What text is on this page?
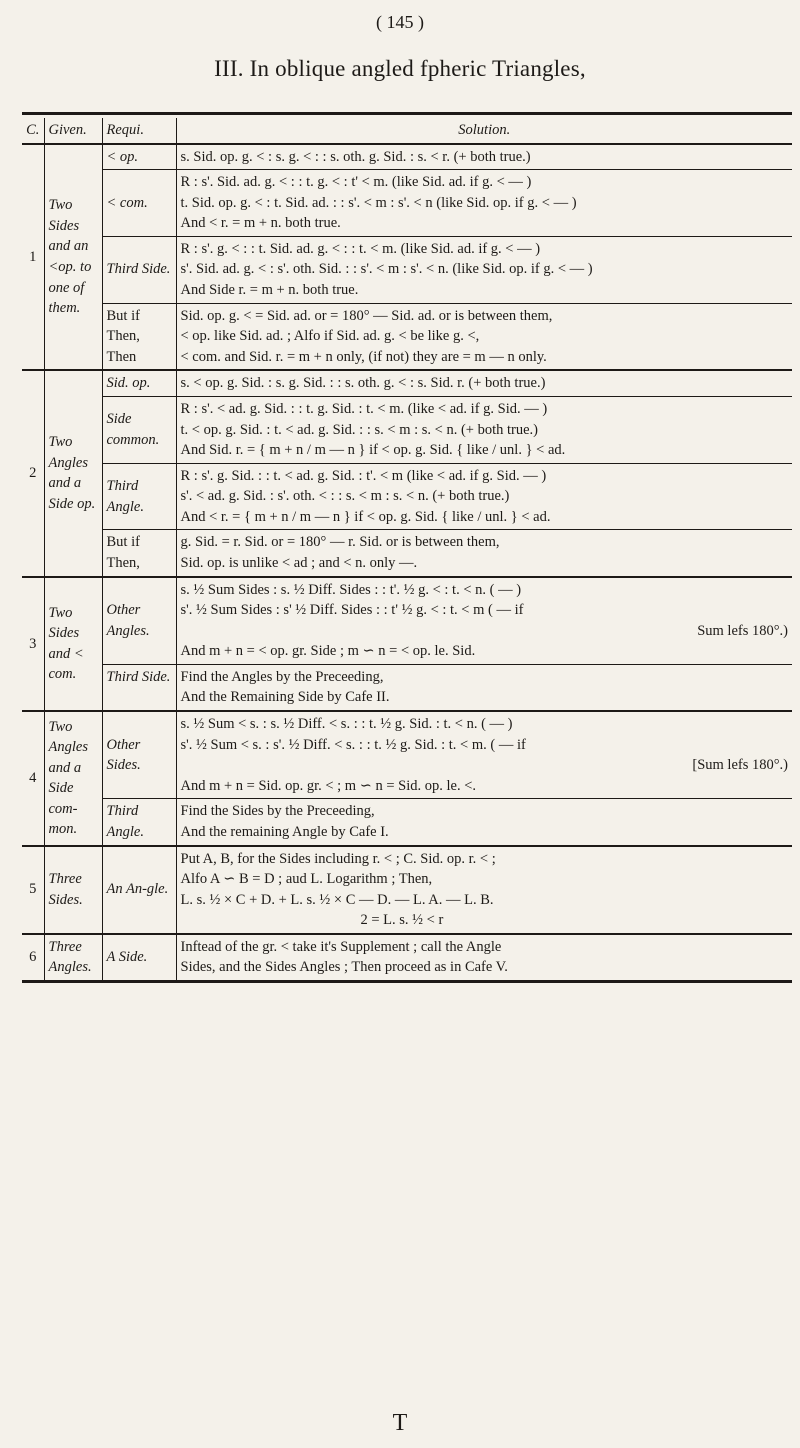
( 145 )
III. In oblique angled fpheric Triangles,
C.	Given.	Requi.	Solution.
1	Two Sides and an <op. to one of them.	< op.	s. Sid. op. g. < : s. g. < : : s. oth. g. Sid. : s. < r. (+ both true.)

		< com.	R : s'. Sid. ad. g. < : : t. g. < : t' < m. (like Sid. ad. if g. < — )
t. Sid. op. g. < : t. Sid. ad. : : s'. < m : s'. < n (like Sid. op. if g. < — )
And < r. = m + n. both true.

		Third Side.	R : s'. g. < : : t. Sid. ad. g. < : : t. < m. (like Sid. ad. if g. < — )
s'. Sid. ad. g. < : s'. oth. Sid. : : s'. < m : s'. < n. (like Sid. op. if g. < — )
And Side r. = m + n. both true.

		But if Then, Then	Sid. op. g. < = Sid. ad. or = 180° — Sid. ad. or is between them,
< op. like Sid. ad. ; Alfo if Sid. ad. g. < be like g. <,
< com. and Sid. r. = m + n only, (if not) they are = m — n only.

2	Two Angles and a Side op.	Sid. op.	s. < op. g. Sid. : s. g. Sid. : : s. oth. g. < : s. Sid. r. (+ both true.)

		Side common.	R : s'. < ad. g. Sid. : : t. g. Sid. : t. < m. (like < ad. if g. Sid. — )
t. < op. g. Sid. : t. < ad. g. Sid. : : s. < m : s. < n. (+ both true.)
And Sid. r. = { m + n / m — n } if < op. g. Sid. { like / unl. } < ad.

		Third Angle.	R : s'. g. Sid. : : t. < ad. g. Sid. : t'. < m (like < ad. if g. Sid. — )
s'. < ad. g. Sid. : s'. oth. < : : s. < m : s. < n. (+ both true.)
And < r. = { m + n / m — n } if < op. g. Sid. { like / unl. } < ad.

		But if Then,	g. Sid. = r. Sid. or = 180° — r. Sid. or is between them,
Sid. op. is unlike < ad ; and < n. only —.

3	Two Sides and < com.	Other Angles.	s. ½ Sum Sides : s. ½ Diff. Sides : : t'. ½ g. < : t. < n. ( — )
s'. ½ Sum Sides : s' ½ Diff. Sides : : t' ½ g. < : t. < m ( — if
Sum lefs 180°.)
And m + n = < op. gr. Side ; m ∽ n = < op. le. Sid.

		Third Side.	Find the Angles by the Preceeding,
And the Remaining Side by Cafe II.

4	Two Angles and a Side com-mon.	Other Sides.	s. ½ Sum < s. : s. ½ Diff. < s. : : t. ½ g. Sid. : t. < n. ( — )
s'. ½ Sum < s. : s'. ½ Diff. < s. : : t. ½ g. Sid. : t. < m. ( — if
[Sum lefs 180°.)
And m + n = Sid. op. gr. < ; m ∽ n = Sid. op. le. <.

		Third Angle.	Find the Sides by the Preceeding,
And the remaining Angle by Cafe I.

5	Three Sides.	An An-gle.	Put A, B, for the Sides including r. < ; C. Sid. op. r. < ;
Alfo A ∽ B = D ; aud L. Logarithm ; Then,
L. s. ½ × C + D. + L. s. ½ × C — D. — L. A. — L. B.
2 = L. s. ½ < r

6	Three Angles.	A Side.	Inftead of the gr. < take it's Supplement ; call the Angle
Sides, and the Sides Angles ; Then proceed as in Cafe V.
T
